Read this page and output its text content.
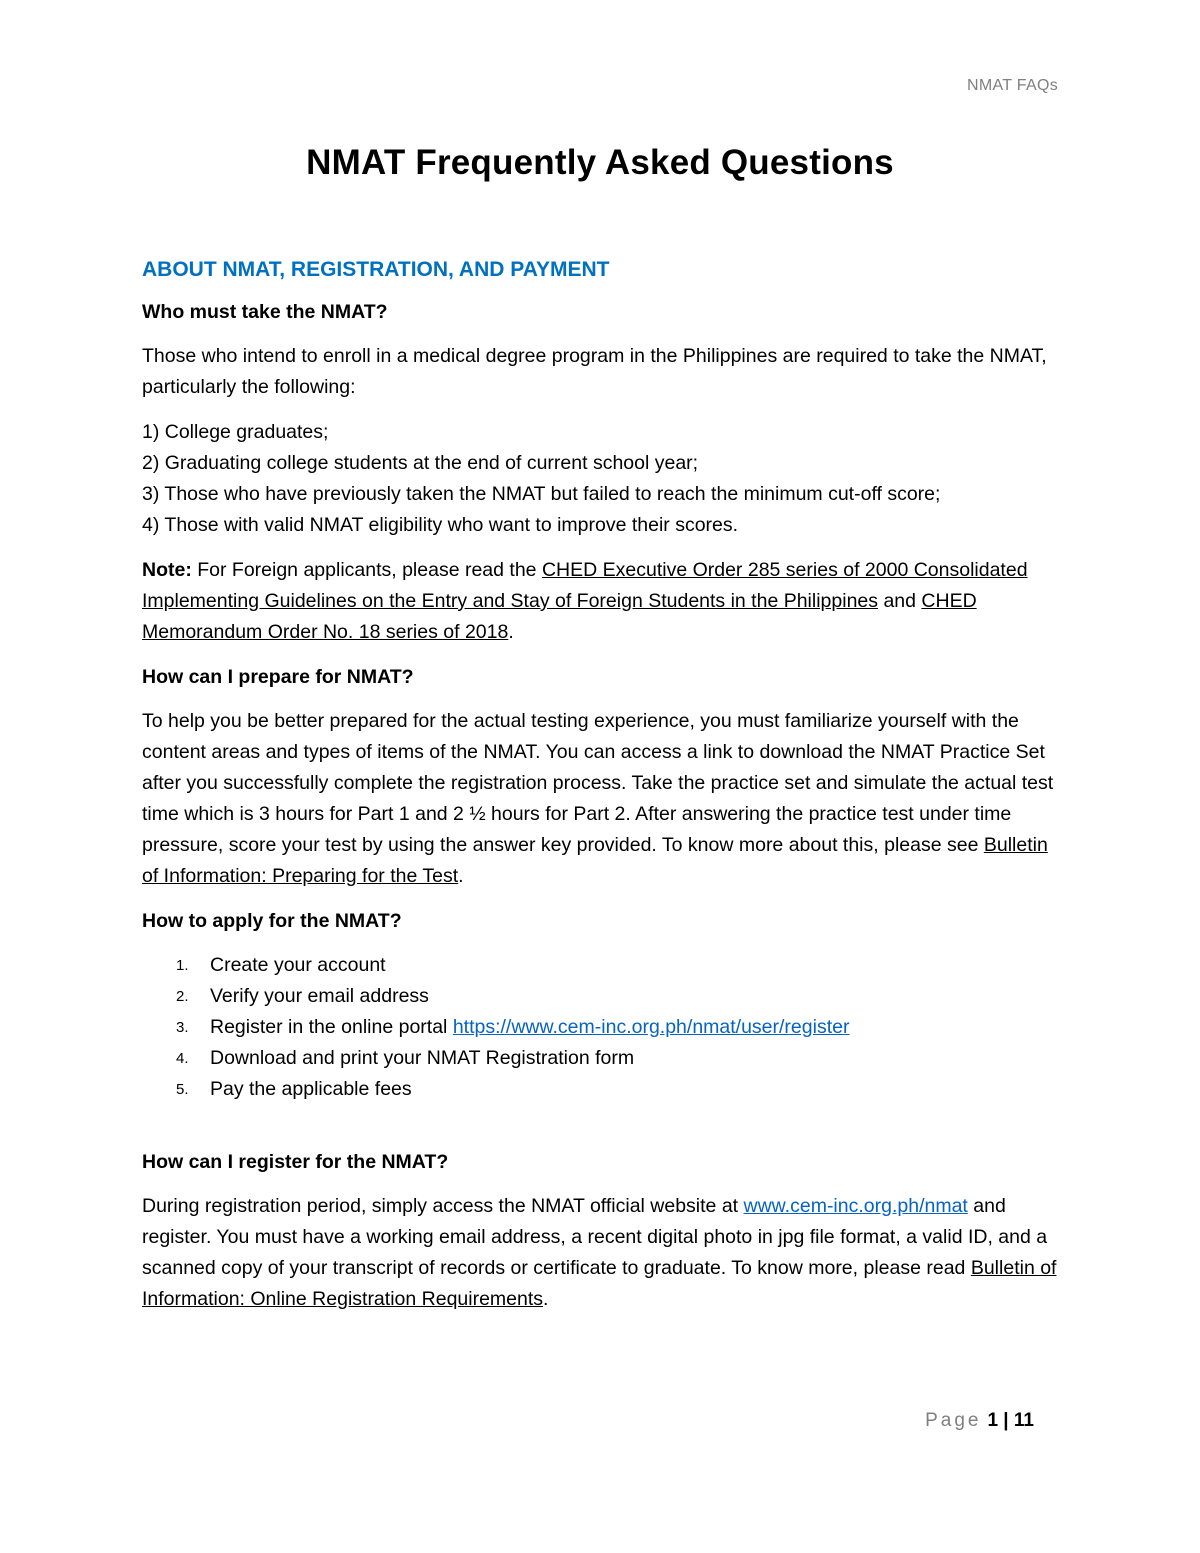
NMAT FAQs
NMAT Frequently Asked Questions
ABOUT NMAT, REGISTRATION, AND PAYMENT
Who must take the NMAT?
Those who intend to enroll in a medical degree program in the Philippines are required to take the NMAT, particularly the following:
1) College graduates;
2) Graduating college students at the end of current school year;
3) Those who have previously taken the NMAT but failed to reach the minimum cut-off score;
4) Those with valid NMAT eligibility who want to improve their scores.
Note: For Foreign applicants, please read the CHED Executive Order 285 series of 2000 Consolidated Implementing Guidelines on the Entry and Stay of Foreign Students in the Philippines and CHED Memorandum Order No. 18 series of 2018.
How can I prepare for NMAT?
To help you be better prepared for the actual testing experience, you must familiarize yourself with the content areas and types of items of the NMAT. You can access a link to download the NMAT Practice Set after you successfully complete the registration process. Take the practice set and simulate the actual test time which is 3 hours for Part 1 and 2 ½ hours for Part 2. After answering the practice test under time pressure, score your test by using the answer key provided. To know more about this, please see Bulletin of Information: Preparing for the Test.
How to apply for the NMAT?
1.	Create your account
2.	Verify your email address
3.	Register in the online portal https://www.cem-inc.org.ph/nmat/user/register
4.	Download and print your NMAT Registration form
5.	Pay the applicable fees
How can I register for the NMAT?
During registration period, simply access the NMAT official website at www.cem-inc.org.ph/nmat and register. You must have a working email address, a recent digital photo in jpg file format, a valid ID, and a scanned copy of your transcript of records or certificate to graduate. To know more, please read Bulletin of Information: Online Registration Requirements.
Page 1 | 11
